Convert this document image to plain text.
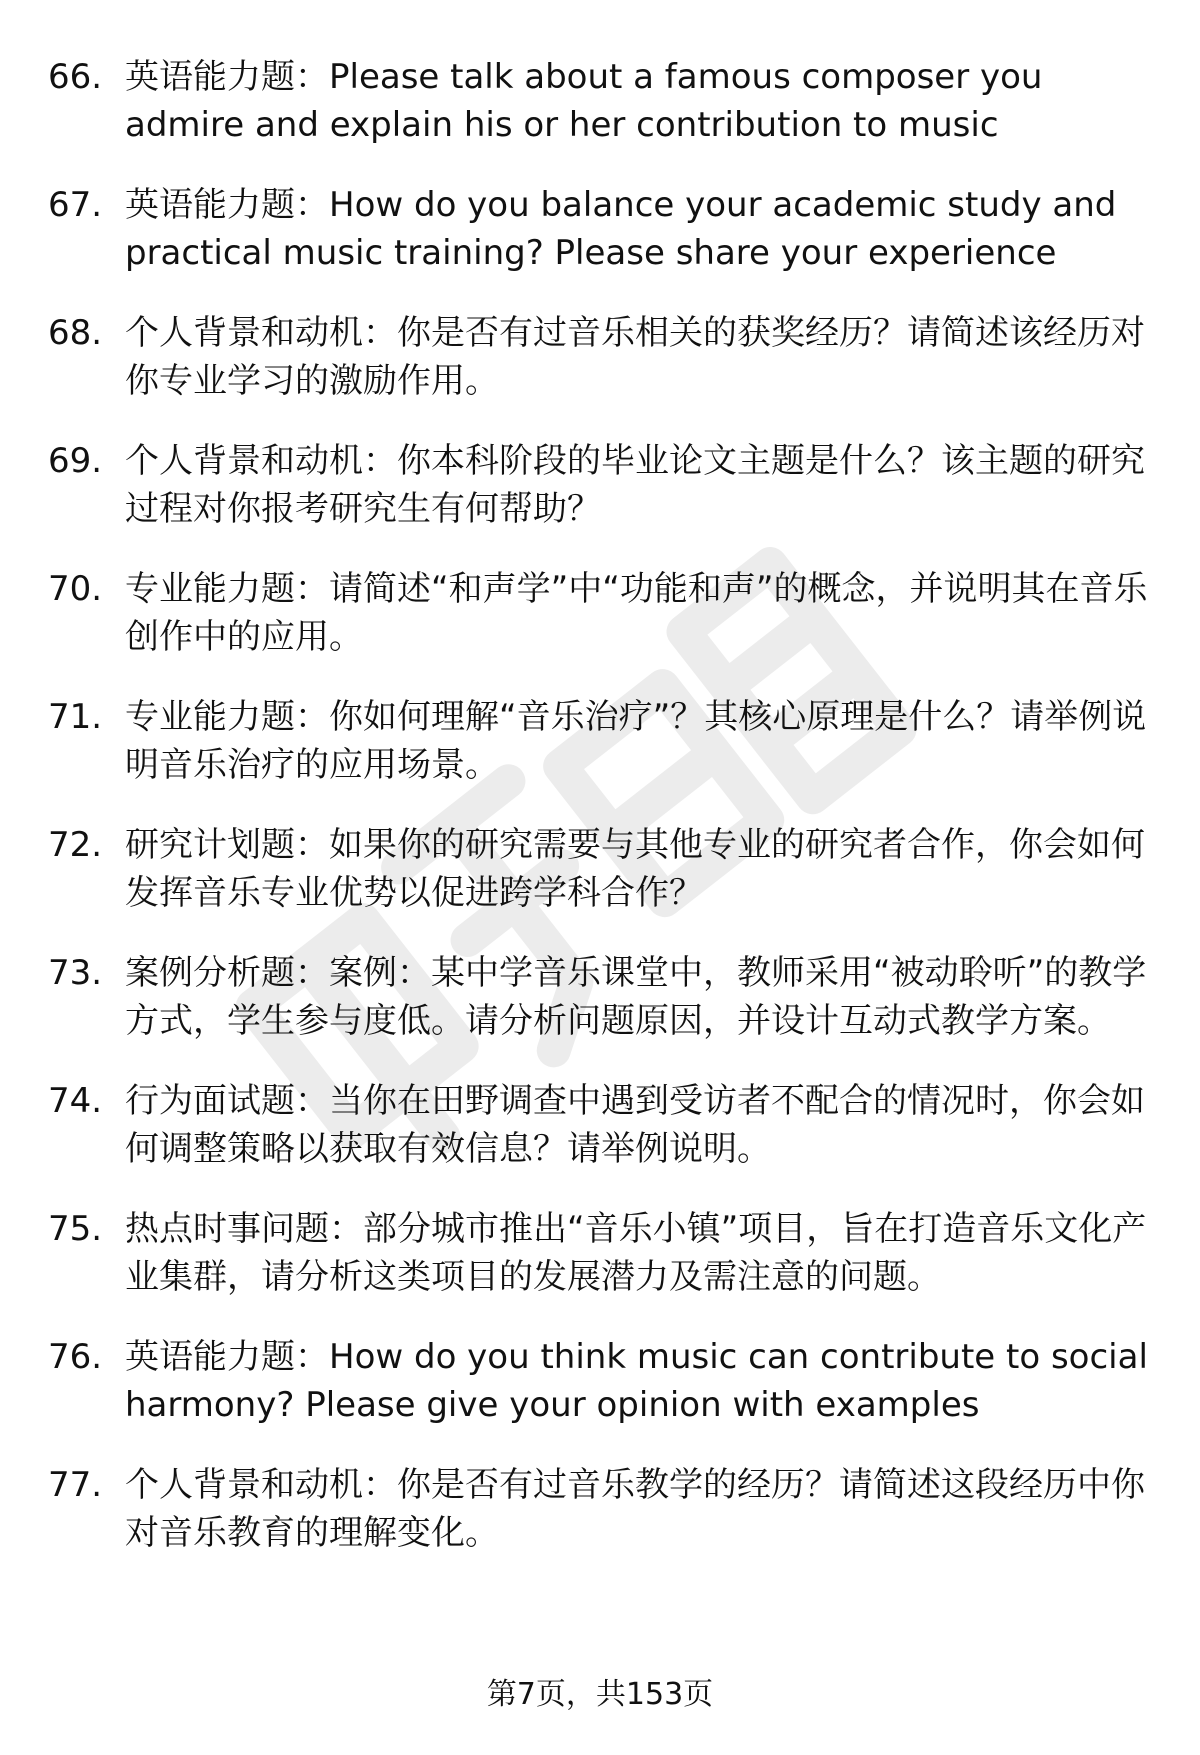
66. 英语能力题 ： Please talk about a famous composer you admire and explain his or her contribution to music
67. 英语能力题 ： How do you balance your academic study and practical music training? Please share your experience
68. 个人背景和动机 ： 你是否有过音乐相关的获奖经历？请简述该经历对你专业学习的激励作用。
69. 个人背景和动机 ： 你本科阶段的毕业论文主题是什么？该主题的研究过程对你报考研究生有何帮助？
70. 专业能力题 ： 请简述“和声学”中“功能和声”的概念，并说明其在音乐创作中的应用。
71. 专业能力题 ： 你如何理解“音乐治疗”？其核心原理是什么？请举例说明音乐治疗的应用场景。
72. 研究计划题 ： 如果你的研究需要与其他专业的研究者合作，你会如何发挥音乐专业优势以促进跨学科合作？
73. 案例分析题 ： 案例：某中学音乐课堂中，教师采用“被动聆听”的教学方式，学生参与度低。请分析问题原因，并设计互动式教学方案。
74. 行为面试题 ： 当你在田野调查中遇到受访者不配合的情况时，你会如何调整策略以获取有效信息？请举例说明。
75. 热点时事问题 ： 部分城市推出“音乐小镇”项目，旨在打造音乐文化产业集群，请分析这类项目的发展潜力及需注意的问题。
76. 英语能力题 ： How do you think music can contribute to social harmony? Please give your opinion with examples
77. 个人背景和动机 ： 你是否有过音乐教学的经历？请简述这段经历中你对音乐教育的理解变化。
第7页，共153页
